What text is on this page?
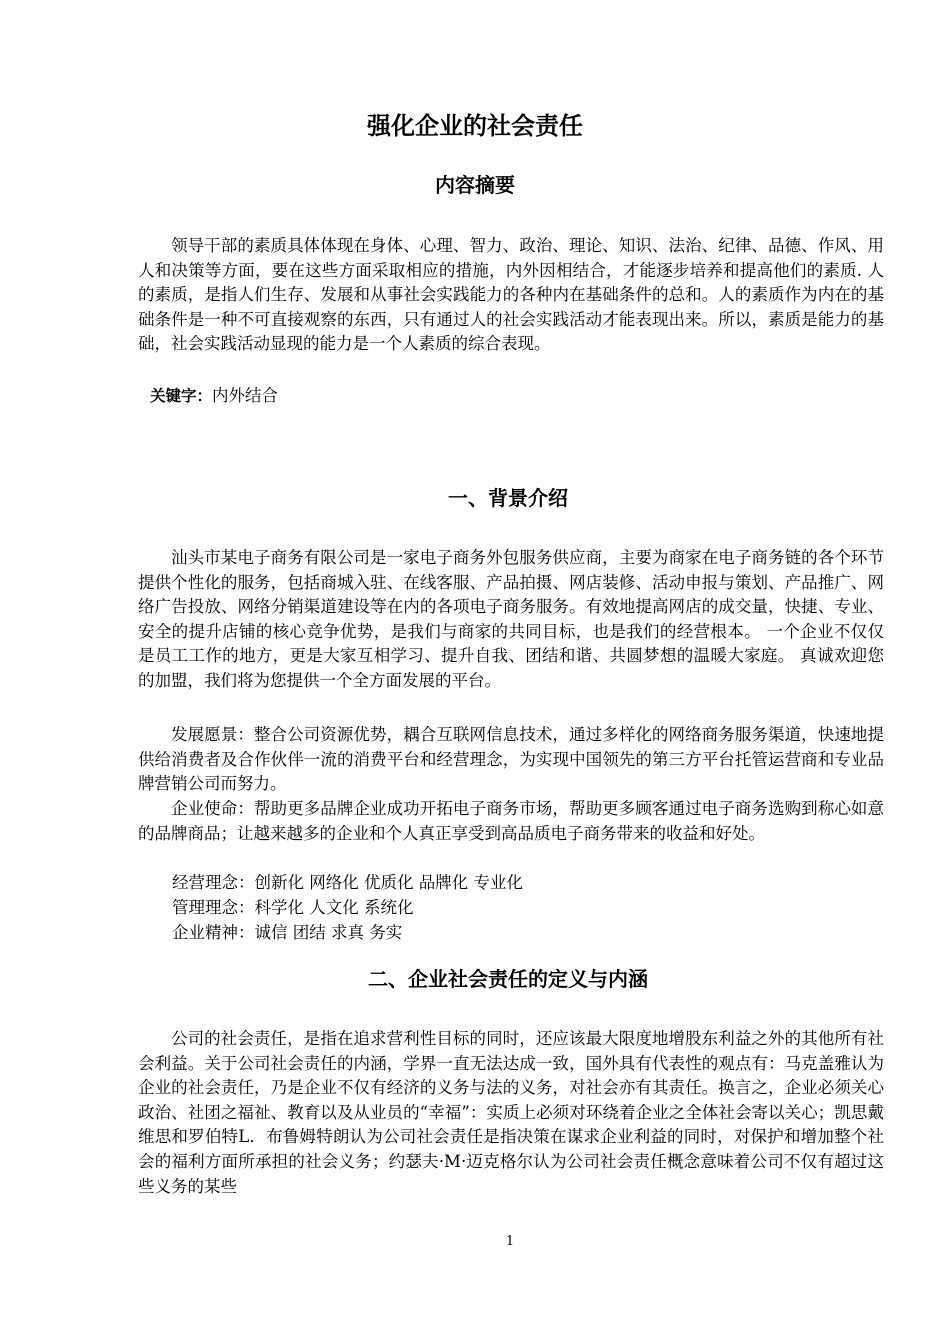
强化企业的社会责任
内容摘要

领导干部的素质具体体现在身体、心理、智力、政治、理论、知识、法治、纪律、品德、作风、用人和决策等方面，要在这些方面采取相应的措施，内外因相结合，才能逐步培养和提高他们的素质. 人的素质，是指人们生存、发展和从事社会实践能力的各种内在基础条件的总和。人的素质作为内在的基础条件是一种不可直接观察的东西，只有通过人的社会实践活动才能表现出来。所以，素质是能力的基础，社会实践活动显现的能力是一个人素质的综合表现。

关键字：内外结合

一、背景介绍

汕头市某电子商务有限公司是一家电子商务外包服务供应商，主要为商家在电子商务链的各个环节提供个性化的服务，包括商城入驻、在线客服、产品拍摄、网店装修、活动申报与策划、产品推广、网络广告投放、网络分销渠道建设等在内的各项电子商务服务。有效地提高网店的成交量，快捷、专业、安全的提升店铺的核心竞争优势，是我们与商家的共同目标，也是我们的经营根本。 一个企业不仅仅是员工工作的地方，更是大家互相学习、提升自我、团结和谐、共圆梦想的温暖大家庭。 真诚欢迎您的加盟，我们将为您提供一个全方面发展的平台。

发展愿景：整合公司资源优势，耦合互联网信息技术，通过多样化的网络商务服务渠道，快速地提供给消费者及合作伙伴一流的消费平台和经营理念，为实现中国领先的第三方平台托管运营商和专业品牌营销公司而努力。

企业使命：帮助更多品牌企业成功开拓电子商务市场，帮助更多顾客通过电子商务选购到称心如意的品牌商品；让越来越多的企业和个人真正享受到高品质电子商务带来的收益和好处。

经营理念：创新化 网络化 优质化 品牌化 专业化

管理理念：科学化 人文化 系统化

企业精神：诚信 团结 求真 务实

二、企业社会责任的定义与内涵

公司的社会责任，是指在追求营利性目标的同时，还应该最大限度地增股东利益之外的其他所有社会利益。关于公司社会责任的内涵，学界一直无法达成一致，国外具有代表性的观点有：马克盖雅认为企业的社会责任，乃是企业不仅有经济的义务与法的义务，对社会亦有其责任。换言之，企业必须关心政治、社团之福祉、教育以及从业员的“幸福”：实质上必须对环绕着企业之全体社会寄以关心；凯思戴维思和罗伯特L．布鲁姆特朗认为公司社会责任是指决策在谋求企业利益的同时，对保护和增加整个社会的福利方面所承担的社会义务；约瑟夫·M·迈克格尔认为公司社会责任概念意味着公司不仅有超过这些义务的某些

1
